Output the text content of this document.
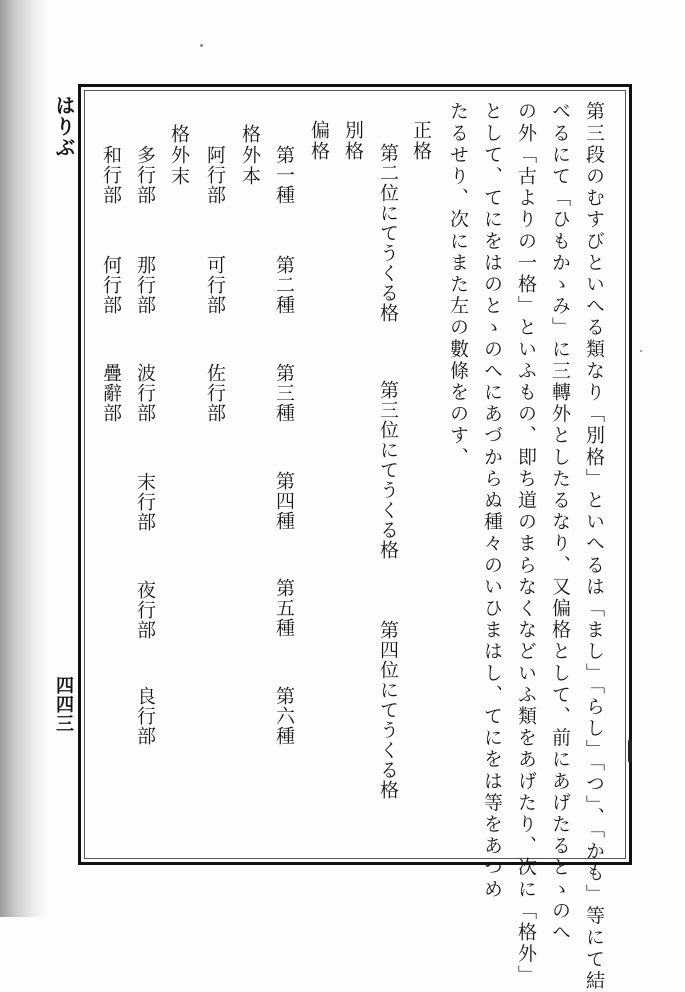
はりぶ
四四三	第三段のむすびといへる類なり「別格」といへるは「まし」「らし」「つ」、「かも」等にて結

べるにて「ひもかゝみ」に三轉外としたるなり、又偏格として、前にあげたるとゝのへ

の外「古よりの一格」といふもの、即ち道のまらなくなどいふ類をあげたり、次に「格外」

として、てにをはのとゝのへにあづからぬ種々のいひまはし、てにをは等をあつめ

たるせり、次にまた左の數條をのす、

正格
第二位にてうくる格
第三位にてうくる格
第四位にてうくる格
別格
偏格
第一種
第二種
第三種
第四種
第五種
第六種
格外本
阿行部
可行部
佐行部
格外末
多行部
那行部
波行部
末行部
夜行部
良行部
和行部
何行部
疊辭部
